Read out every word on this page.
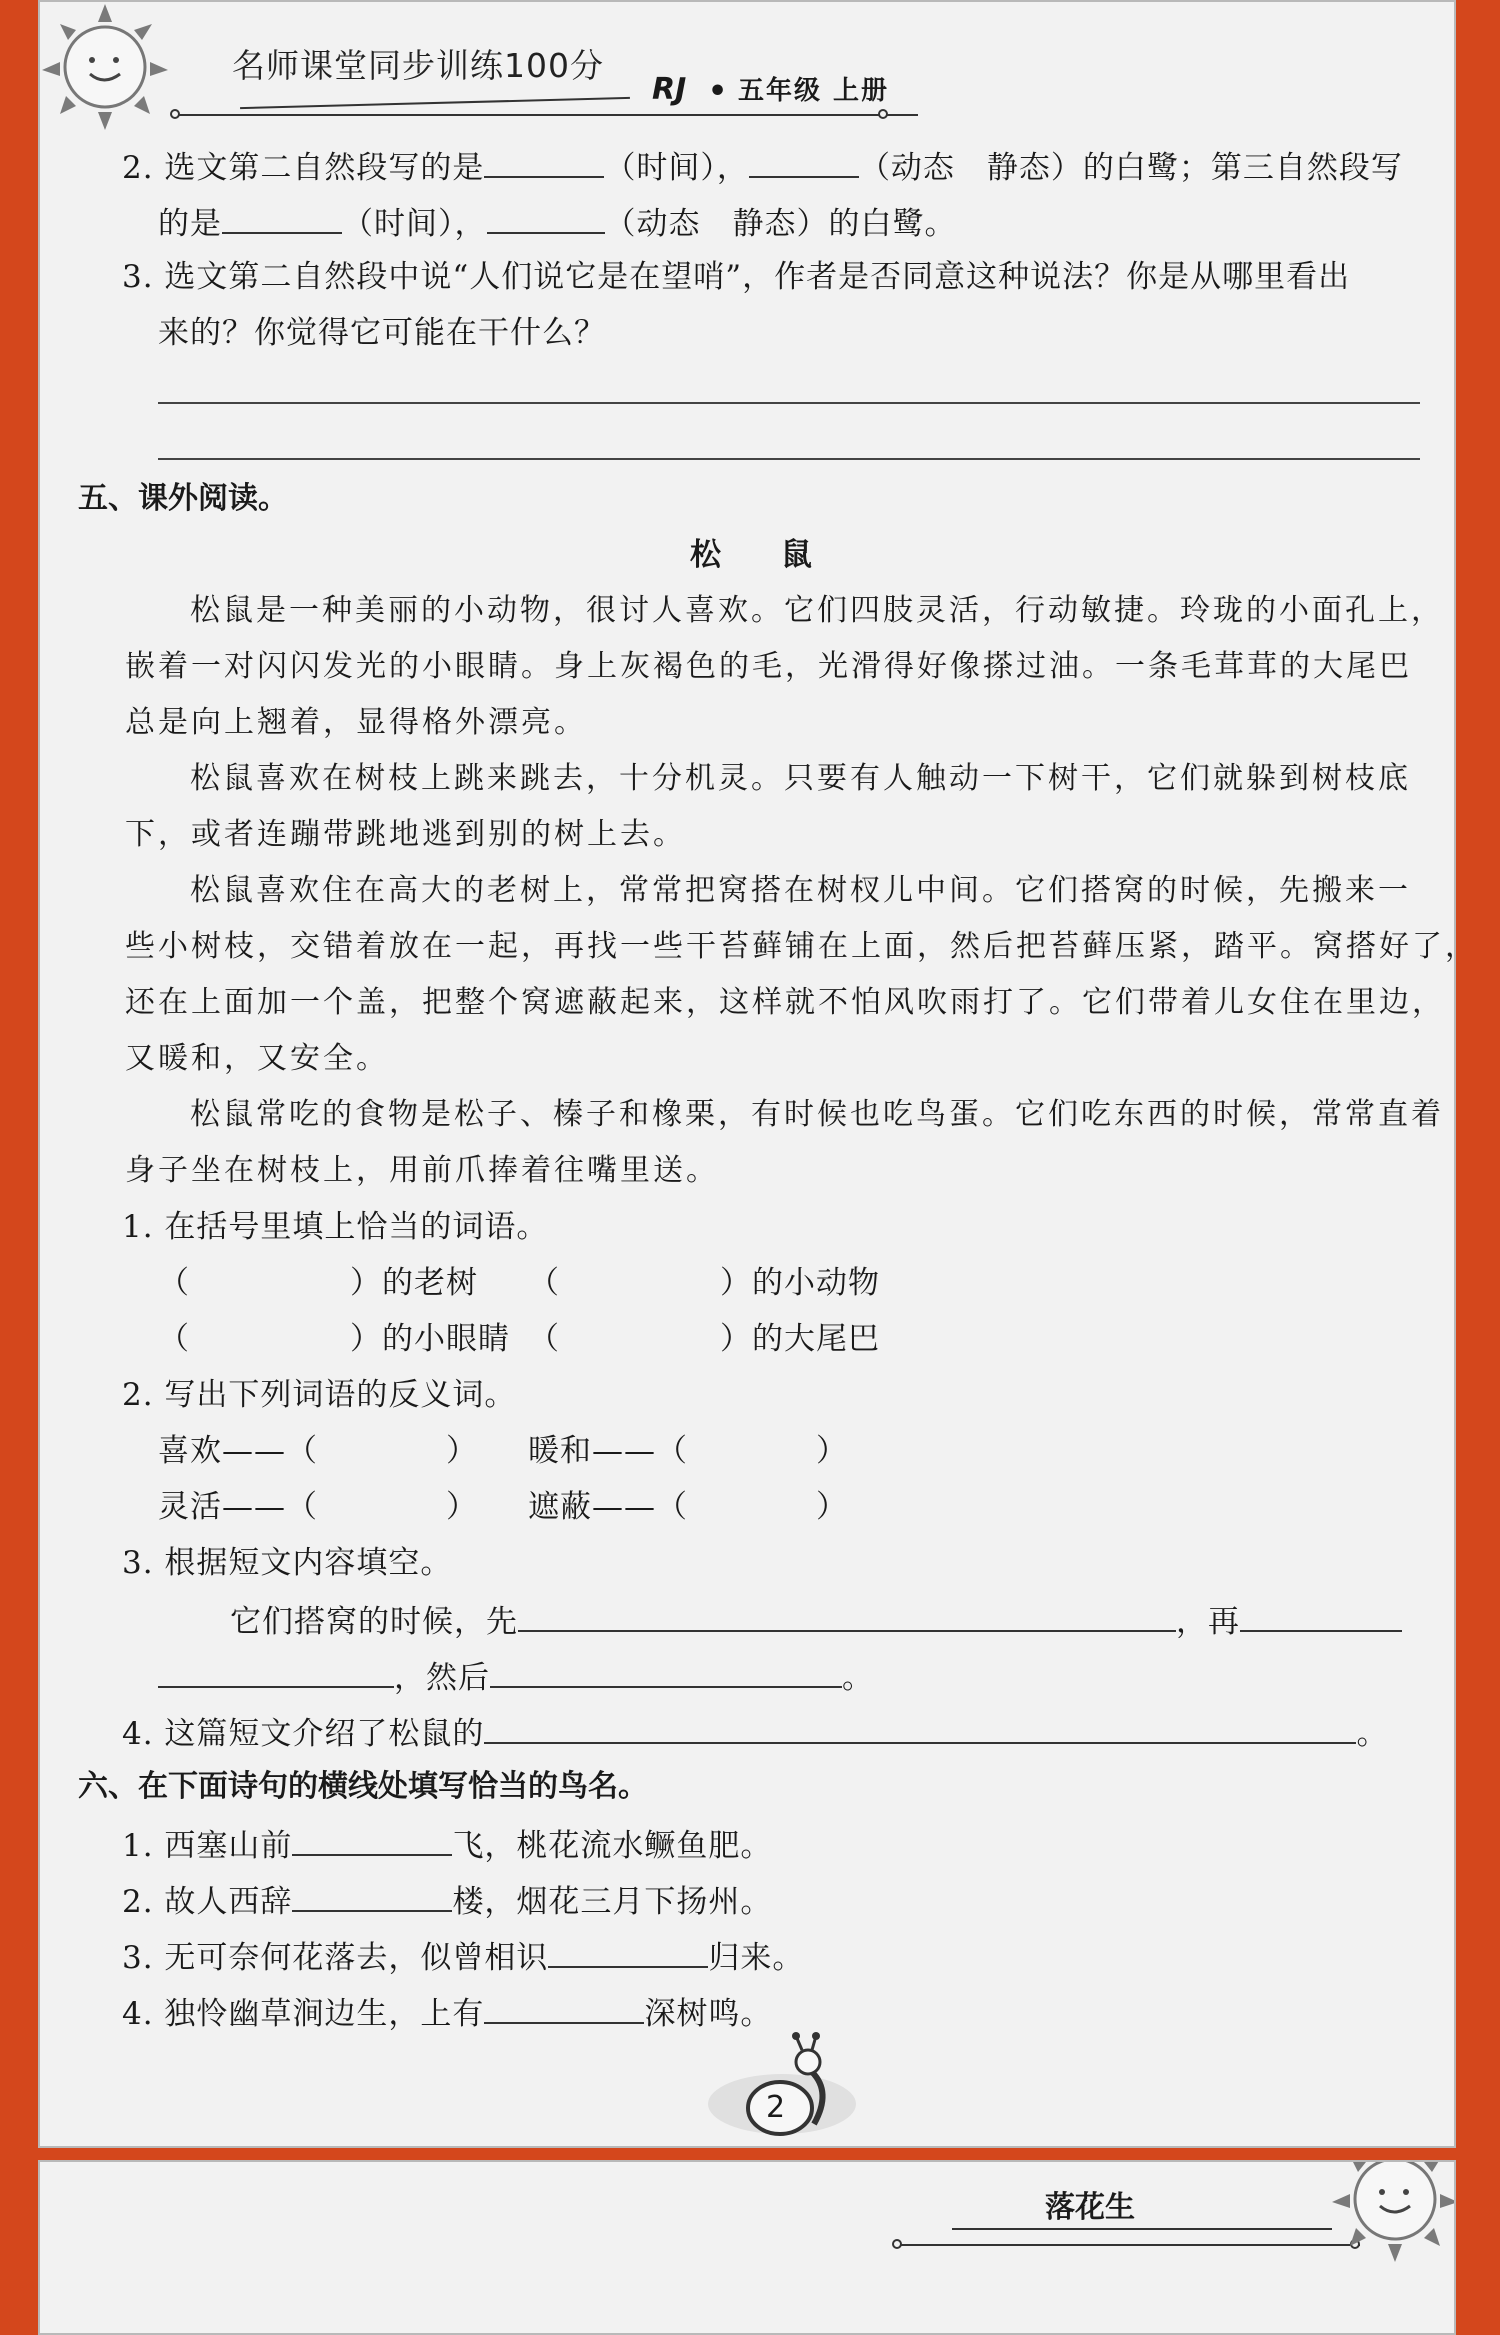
名师课堂同步训练100分
RJ • 五年级 上册
2. 选文第二自然段写的是	（时间），	（动态　静态）的白鹭；第三自然段写
的是	（时间），	（动态　静态）的白鹭。
3. 选文第二自然段中说“人们说它是在望哨”，作者是否同意这种说法？你是从哪里看出
来的？你觉得它可能在干什么？
五、课外阅读。
松鼠
松鼠是一种美丽的小动物，很讨人喜欢。它们四肢灵活，行动敏捷。玲珑的小面孔上，
嵌着一对闪闪发光的小眼睛。身上灰褐色的毛，光滑得好像搽过油。一条毛茸茸的大尾巴
总是向上翘着，显得格外漂亮。
松鼠喜欢在树枝上跳来跳去，十分机灵。只要有人触动一下树干，它们就躲到树枝底
下，或者连蹦带跳地逃到别的树上去。
松鼠喜欢住在高大的老树上，常常把窝搭在树杈儿中间。它们搭窝的时候，先搬来一
些小树枝，交错着放在一起，再找一些干苔藓铺在上面，然后把苔藓压紧，踏平。窝搭好了，
还在上面加一个盖，把整个窝遮蔽起来，这样就不怕风吹雨打了。它们带着儿女住在里边，
又暖和，又安全。
松鼠常吃的食物是松子、榛子和橡栗，有时候也吃鸟蛋。它们吃东西的时候，常常直着
身子坐在树枝上，用前爪捧着往嘴里送。
1. 在括号里填上恰当的词语。
（　　　　　）的老树 （　　　　　）的小动物
（　　　　　）的小眼睛 （　　　　　）的大尾巴
2. 写出下列词语的反义词。
喜欢——（　　　　） 暖和——（　　　　）
灵活——（　　　　） 遮蔽——（　　　　）
3. 根据短文内容填空。
它们搭窝的时候，先	，再
，然后	。
4. 这篇短文介绍了松鼠的	。
六、在下面诗句的横线处填写恰当的鸟名。
1. 西塞山前	飞，桃花流水鳜鱼肥。
2. 故人西辞	楼，烟花三月下扬州。
3. 无可奈何花落去，似曾相识	归来。
4. 独怜幽草涧边生，上有	深树鸣。
2
落花生
